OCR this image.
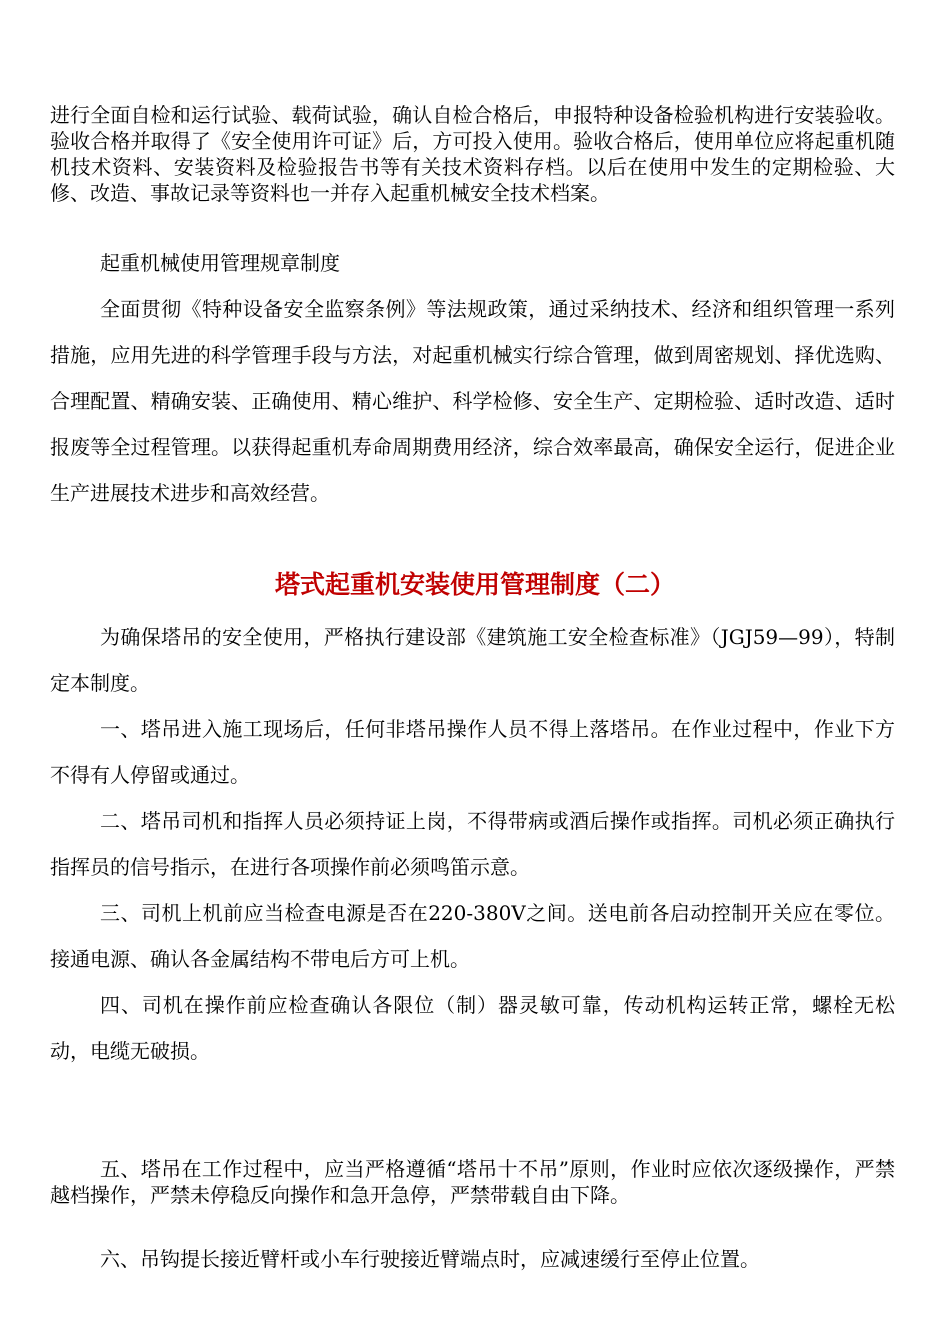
进行全面自检和运行试验、载荷试验，确认自检合格后，申报特种设备检验机构进行安装验收。验收合格并取得了《安全使用许可证》后，方可投入使用。验收合格后，使用单位应将起重机随机技术资料、安装资料及检验报告书等有关技术资料存档。以后在使用中发生的定期检验、大修、改造、事故记录等资料也一并存入起重机械安全技术档案。

起重机械使用管理规章制度

全面贯彻《特种设备安全监察条例》等法规政策，通过采纳技术、经济和组织管理一系列措施，应用先进的科学管理手段与方法，对起重机械实行综合管理，做到周密规划、择优选购、合理配置、精确安装、正确使用、精心维护、科学检修、安全生产、定期检验、适时改造、适时报废等全过程管理。以获得起重机寿命周期费用经济，综合效率最高，确保安全运行，促进企业生产进展技术进步和高效经营。

塔式起重机安装使用管理制度（二）

为确保塔吊的安全使用，严格执行建设部《建筑施工安全检查标准》（JGJ59—99），特制定本制度。

一、塔吊进入施工现场后，任何非塔吊操作人员不得上落塔吊。在作业过程中，作业下方不得有人停留或通过。

二、塔吊司机和指挥人员必须持证上岗，不得带病或酒后操作或指挥。司机必须正确执行指挥员的信号指示，在进行各项操作前必须鸣笛示意。

三、司机上机前应当检查电源是否在220-380V之间。送电前各启动控制开关应在零位。接通电源、确认各金属结构不带电后方可上机。

四、司机在操作前应检查确认各限位（制）器灵敏可靠，传动机构运转正常，螺栓无松动，电缆无破损。

五、塔吊在工作过程中，应当严格遵循“塔吊十不吊”原则，作业时应依次逐级操作，严禁越档操作，严禁未停稳反向操作和急开急停，严禁带载自由下降。

六、吊钩提长接近臂杆或小车行驶接近臂端点时，应减速缓行至停止位置。
